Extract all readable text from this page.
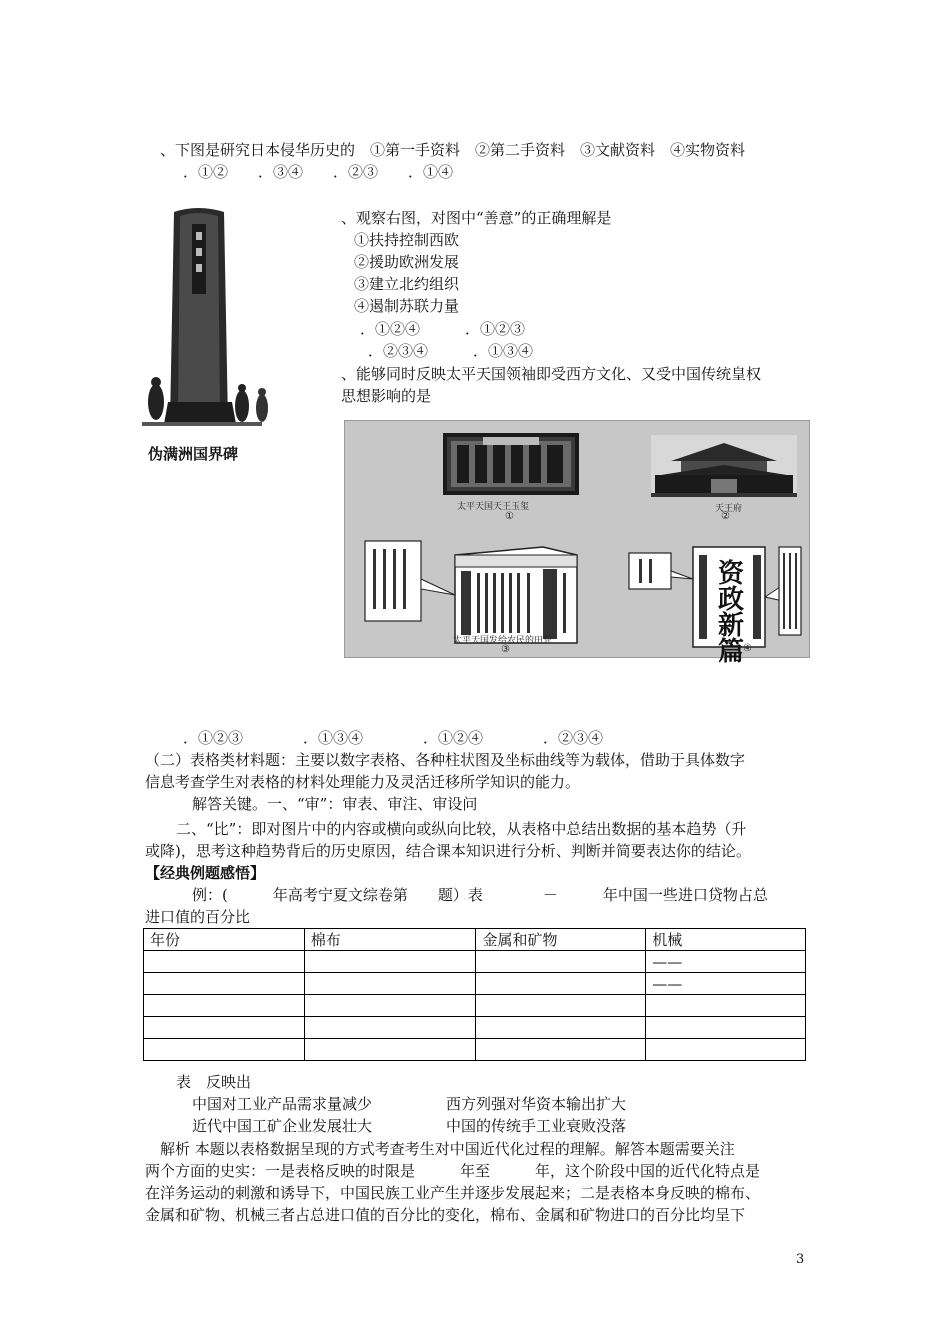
、下图是研究日本侵华历史的　①第一手资料　②第二手资料　③文献资料　④实物资料
．①②　　．③④　　．②③　　．①④
伪满洲国界碑
、观察右图，对图中“善意”的正确理解是
①扶持控制西欧
②援助欧洲发展
③建立北约组织
④遏制苏联力量
．①②④　　　．①②③
．②③④　　　．①③④
、能够同时反映太平天国领袖即受西方文化、又受中国传统皇权
思想影响的是
太平天国天王玉玺
①
天王府
②
太平天国发给农民的田凭
③
资政新篇 ④
．①②③　　　　．①③④　　　　．①②④　　　　．②③④
（二）表格类材料题：主要以数字表格、各种柱状图及坐标曲线等为载体，借助于具体数字
信息考查学生对表格的材料处理能力及灵活迁移所学知识的能力。
解答关键。一、“审”：审表、审注、审设问
二、“比”：即对图片中的内容或横向或纵向比较，从表格中总结出数据的基本趋势（升
或降)，思考这种趋势背后的历史原因，结合课本知识进行分析、判断并简要表达你的结论。
【经典例题感悟】
例：(　　　年高考宁夏文综卷第　　题）表　　　　－　　　年中国一些进口贷物占总
进口值的百分比
年份	棉布	金属和矿物	机械
			——
			——

表　反映出
中国对工业产品需求量减少	西方列强对华资本输出扩大
近代中国工矿企业发展壮大	中国的传统手工业衰败没落
解析 本题以表格数据呈现的方式考查考生对中国近代化过程的理解。解答本题需要关注
两个方面的史实：一是表格反映的时限是　　　年至　　　年，这个阶段中国的近代化特点是
在洋务运动的刺激和诱导下，中国民族工业产生并逐步发展起来；二是表格本身反映的棉布、
金属和矿物、机械三者占总进口值的百分比的变化，棉布、金属和矿物进口的百分比均呈下
3
